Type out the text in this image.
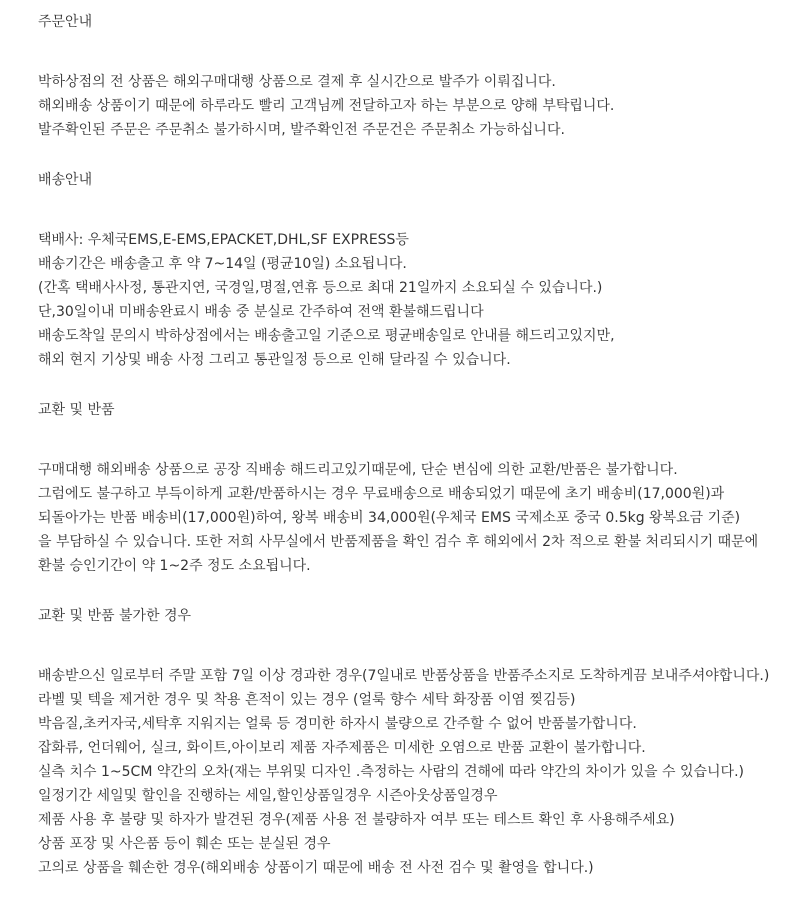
주문안내
박하상점의 전 상품은 해외구매대행 상품으로 결제 후 실시간으로 발주가 이뤄집니다.
해외배송 상품이기 때문에 하루라도 빨리 고객님께 전달하고자 하는 부분으로 양해 부탁립니다.
발주확인된 주문은 주문취소 불가하시며, 발주확인전 주문건은 주문취소 가능하십니다.
배송안내
택배사: 우체국EMS,E-EMS,EPACKET,DHL,SF EXPRESS등
배송기간은 배송출고 후 약 7~14일 (평균10일) 소요됩니다.
(간혹 택배사사정, 통관지연, 국경일,명절,연휴 등으로 최대 21일까지 소요되실 수 있습니다.)
단,30일이내 미배송완료시 배송 중 분실로 간주하여 전액 환불해드립니다
배송도착일 문의시 박하상점에서는 배송출고일 기준으로 평균배송일로 안내를 해드리고있지만,
해외 현지 기상및 배송 사정 그리고 통관일정 등으로 인해 달라질 수 있습니다.
교환 및 반품
구매대행 해외배송 상품으로 공장 직배송 해드리고있기때문에, 단순 변심에 의한 교환/반품은 불가합니다.
그럼에도 불구하고 부득이하게 교환/반품하시는 경우 무료배송으로 배송되었기 때문에 초기 배송비(17,000원)과
되돌아가는 반품 배송비(17,000원)하여, 왕복 배송비 34,000원(우체국 EMS 국제소포 중국 0.5kg 왕복요금 기준)
을 부담하실 수 있습니다. 또한 저희 사무실에서 반품제품을 확인 검수 후 해외에서 2차 적으로 환불 처리되시기 때문에
환불 승인기간이 약 1~2주 정도 소요됩니다.
교환 및 반품 불가한 경우
배송받으신 일로부터 주말 포함 7일 이상 경과한 경우(7일내로 반품상품을 반품주소지로 도착하게끔 보내주셔야합니다.)
라벨 및 텍을 제거한 경우 및 착용 흔적이 있는 경우 (얼룩 향수 세탁 화장품 이염 찢김등)
박음질,초커자국,세탁후 지워지는 얼룩 등 경미한 하자시 불량으로 간주할 수 없어 반품불가합니다.
잡화류, 언더웨어, 실크, 화이트,아이보리 제품 자주제품은 미세한 오염으로 반품 교환이 불가합니다.
실측 치수 1~5CM 약간의 오차(재는 부위및 디자인 .측정하는 사람의 견해에 따라 약간의 차이가 있을 수 있습니다.)
일정기간 세일및 할인을 진행하는 세일,할인상품일경우 시즌아웃상품일경우
제품 사용 후 불량 및 하자가 발견된 경우(제품 사용 전 불량하자 여부 또는 테스트 확인 후 사용해주세요)
상품 포장 및 사은품 등이 훼손 또는 분실된 경우
고의로 상품을 훼손한 경우(해외배송 상품이기 때문에 배송 전 사전 검수 및 촬영을 합니다.)
